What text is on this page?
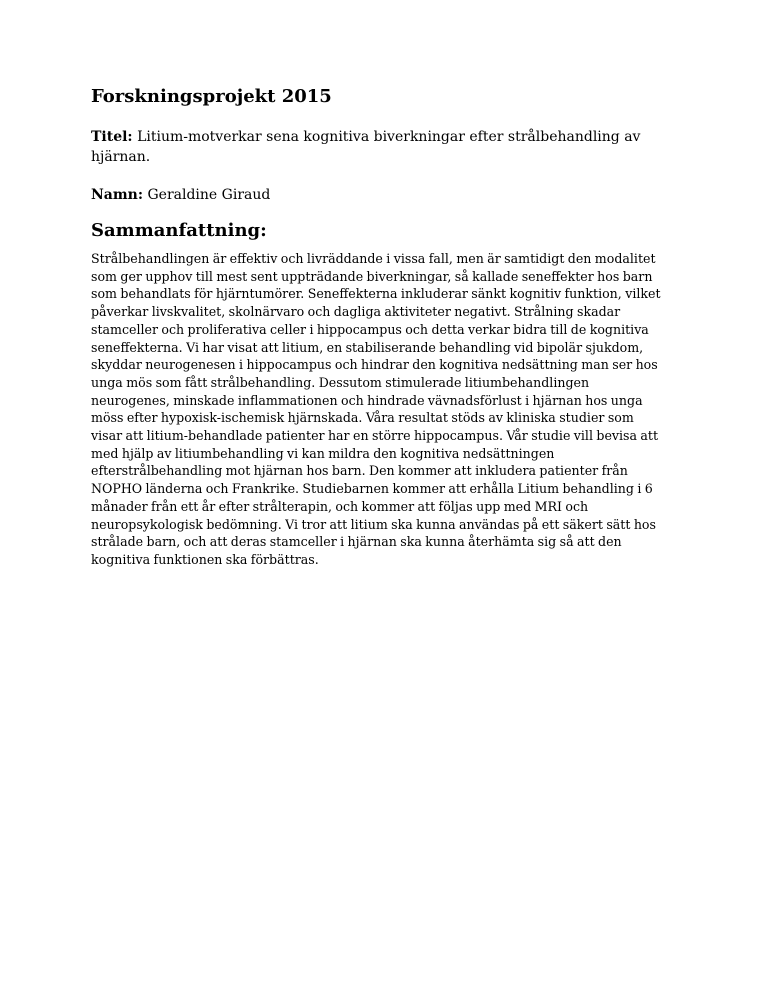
Forskningsprojekt 2015

Titel: Litium-motverkar sena kognitiva biverkningar efter strålbehandling av hjärnan.

Namn: Geraldine Giraud

Sammanfattning:

Strålbehandlingen är effektiv och livräddande i vissa fall, men är samtidigt den modalitet som ger upphov till mest sent uppträdande biverkningar, så kallade seneffekter hos barn som behandlats för hjärntumörer. Seneffekterna inkluderar sänkt kognitiv funktion, vilket påverkar livskvalitet, skolnärvaro och dagliga aktiviteter negativt. Strålning skadar stamceller och proliferativa celler i hippocampus och detta verkar bidra till de kognitiva seneffekterna. Vi har visat att litium, en stabiliserande behandling vid bipolär sjukdom, skyddar neurogenesen i hippocampus och hindrar den kognitiva nedsättning man ser hos unga mös som fått strålbehandling. Dessutom stimulerade litiumbehandlingen neurogenes, minskade inflammationen och hindrade vävnadsförlust i hjärnan hos unga möss efter hypoxisk-ischemisk hjärnskada. Våra resultat stöds av kliniska studier som visar att litium-behandlade patienter har en större hippocampus. Vår studie vill bevisa att med hjälp av litiumbehandling vi kan mildra den kognitiva nedsättningen efterstrålbehandling mot hjärnan hos barn. Den kommer att inkludera patienter från NOPHO länderna och Frankrike. Studiebarnen kommer att erhålla Litium behandling i 6 månader från ett år efter strålterapin, och kommer att följas upp med MRI och neuropsykologisk bedömning. Vi tror att litium ska kunna användas på ett säkert sätt hos strålade barn, och att deras stamceller i hjärnan ska kunna återhämta sig så att den kognitiva funktionen ska förbättras.
